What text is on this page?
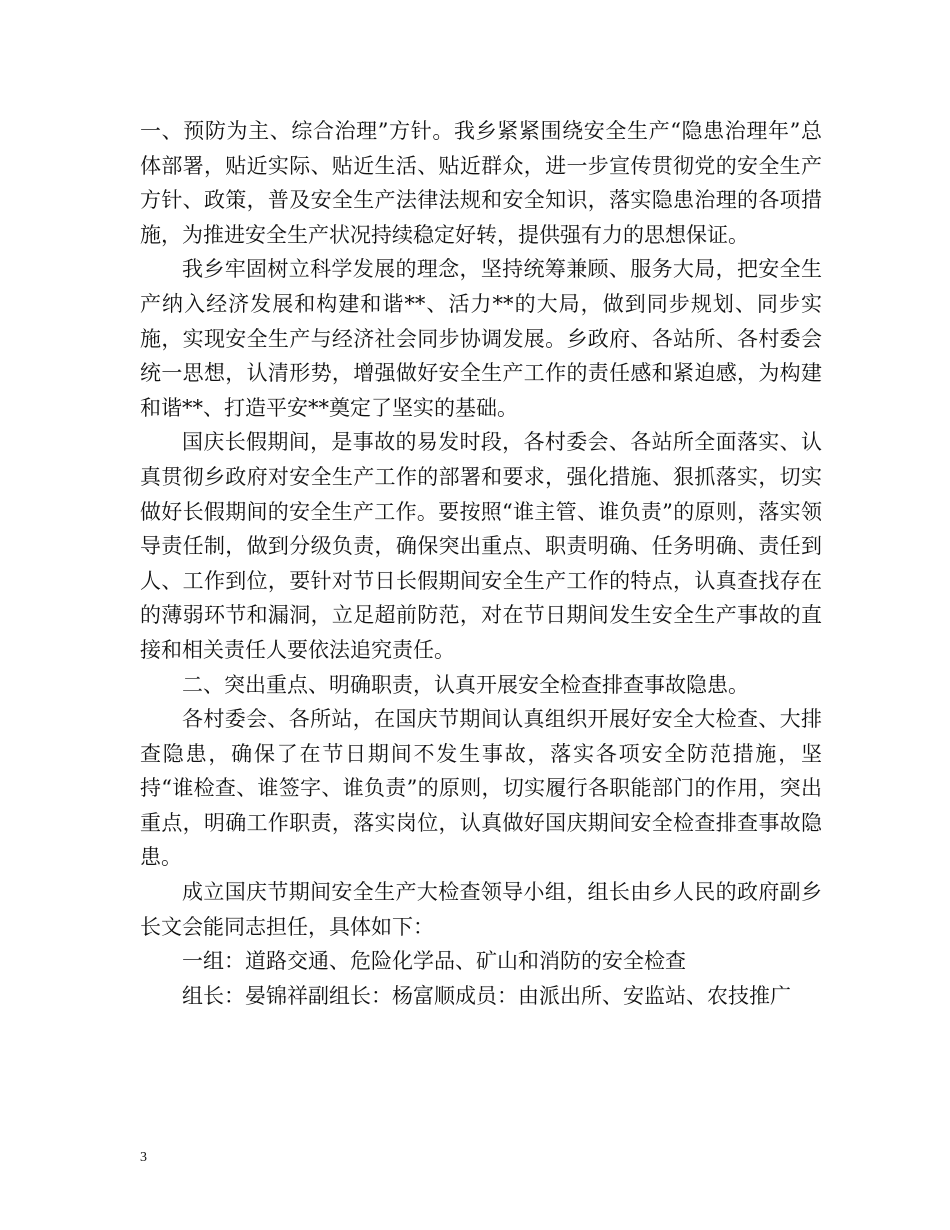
一、预防为主、综合治理”方针。我乡紧紧围绕安全生产“隐患治理年”总体部署，贴近实际、贴近生活、贴近群众，进一步宣传贯彻党的安全生产方针、政策，普及安全生产法律法规和安全知识，落实隐患治理的各项措施，为推进安全生产状况持续稳定好转，提供强有力的思想保证。

我乡牢固树立科学发展的理念，坚持统筹兼顾、服务大局，把安全生产纳入经济发展和构建和谐**、活力**的大局，做到同步规划、同步实施，实现安全生产与经济社会同步协调发展。乡政府、各站所、各村委会统一思想，认清形势，增强做好安全生产工作的责任感和紧迫感，为构建和谐**、打造平安**奠定了坚实的基础。

国庆长假期间，是事故的易发时段，各村委会、各站所全面落实、认真贯彻乡政府对安全生产工作的部署和要求，强化措施、狠抓落实，切实做好长假期间的安全生产工作。要按照“谁主管、谁负责”的原则，落实领导责任制，做到分级负责，确保突出重点、职责明确、任务明确、责任到人、工作到位，要针对节日长假期间安全生产工作的特点，认真查找存在的薄弱环节和漏洞，立足超前防范，对在节日期间发生安全生产事故的直接和相关责任人要依法追究责任。

二、突出重点、明确职责，认真开展安全检查排查事故隐患。

各村委会、各所站，在国庆节期间认真组织开展好安全大检查、大排查隐患，确保了在节日期间不发生事故，落实各项安全防范措施，坚持“谁检查、谁签字、谁负责”的原则，切实履行各职能部门的作用，突出重点，明确工作职责，落实岗位，认真做好国庆期间安全检查排查事故隐患。

成立国庆节期间安全生产大检查领导小组，组长由乡人民的政府副乡长文会能同志担任，具体如下：

一组：道路交通、危险化学品、矿山和消防的安全检查

组长：晏锦祥副组长：杨富顺成员：由派出所、安监站、农技推广

3
